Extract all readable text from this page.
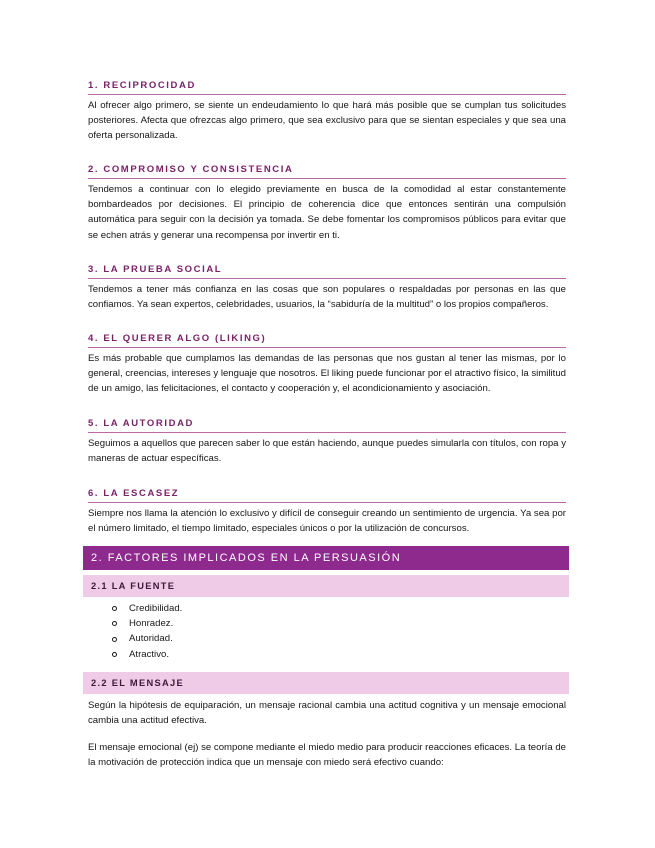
1. RECIPROCIDAD

Al ofrecer algo primero, se siente un endeudamiento lo que hará más posible que se cumplan tus solicitudes posteriores. Afecta que ofrezcas algo primero, que sea exclusivo para que se sientan especiales y que sea una oferta personalizada.

2. COMPROMISO Y CONSISTENCIA

Tendemos a continuar con lo elegido previamente en busca de la comodidad al estar constantemente bombardeados por decisiones. El principio de coherencia dice que entonces sentirán una compulsión automática para seguir con la decisión ya tomada. Se debe fomentar los compromisos públicos para evitar que se echen atrás y generar una recompensa por invertir en ti.

3. LA PRUEBA SOCIAL

Tendemos a tener más confianza en las cosas que son populares o respaldadas por personas en las que confiamos. Ya sean expertos, celebridades, usuarios, la “sabiduría de la multitud” o los propios compañeros.

4. EL QUERER ALGO (LIKING)

Es más probable que cumplamos las demandas de las personas que nos gustan al tener las mismas, por lo general, creencias, intereses y lenguaje que nosotros. El liking puede funcionar por el atractivo físico, la similitud de un amigo, las felicitaciones, el contacto y cooperación y, el acondicionamiento y asociación.

5. LA AUTORIDAD

Seguimos a aquellos que parecen saber lo que están haciendo, aunque puedes simularla con títulos, con ropa y maneras de actuar específicas.

6. LA ESCASEZ

Siempre nos llama la atención lo exclusivo y difícil de conseguir creando un sentimiento de urgencia. Ya sea por el número limitado, el tiempo limitado, especiales únicos o por la utilización de concursos.

2. FACTORES IMPLICADOS EN LA PERSUASIÓN
2.1 LA FUENTE
Credibilidad.
Honradez.
Autoridad.
Atractivo.
2.2 EL MENSAJE

Según la hipótesis de equiparación, un mensaje racional cambia una actitud cognitiva y un mensaje emocional cambia una actitud efectiva.

El mensaje emocional (ej) se compone mediante el miedo medio para producir reacciones eficaces. La teoría de la motivación de protección indica que un mensaje con miedo será efectivo cuando:
